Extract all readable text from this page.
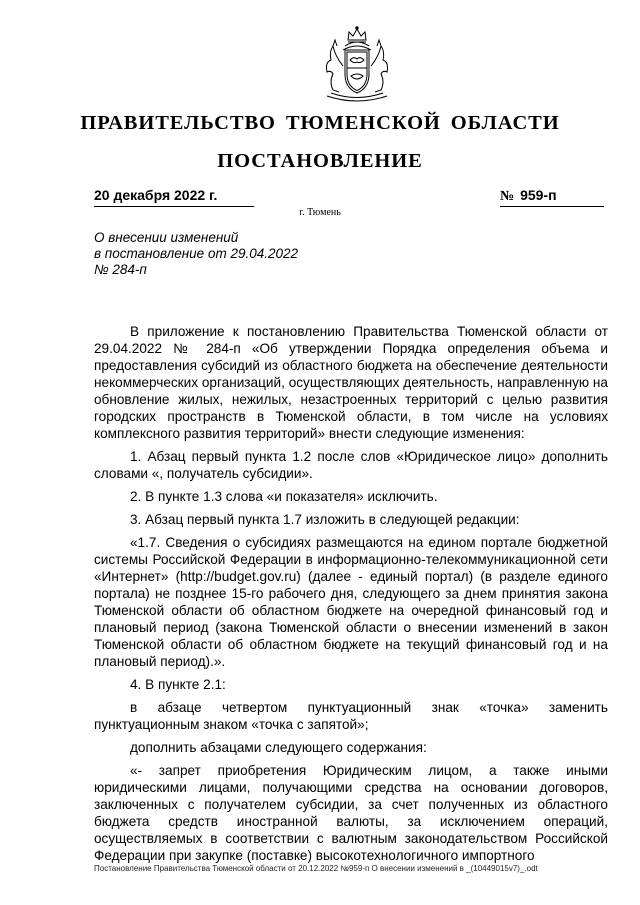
ПРАВИТЕЛЬСТВО ТЮМЕНСКОЙ ОБЛАСТИ
ПОСТАНОВЛЕНИЕ
20 декабря 2022 г.	№ 959-п
г. Тюмень
О внесении изменений
в постановление от 29.04.2022
№ 284-п

В приложение к постановлению Правительства Тюменской области от 29.04.2022 № 284-п «Об утверждении Порядка определения объема и предоставления субсидий из областного бюджета на обеспечение деятельности некоммерческих организаций, осуществляющих деятельность, направленную на обновление жилых, нежилых, незастроенных территорий с целью развития городских пространств в Тюменской области, в том числе на условиях комплексного развития территорий» внести следующие изменения:

1. Абзац первый пункта 1.2 после слов «Юридическое лицо» дополнить словами «, получатель субсидии».

2. В пункте 1.3 слова «и показателя» исключить.

3. Абзац первый пункта 1.7 изложить в следующей редакции:

«1.7. Сведения о субсидиях размещаются на едином портале бюджетной системы Российской Федерации в информационно-телекоммуникационной сети «Интернет» (http://budget.gov.ru) (далее - единый портал) (в разделе единого портала) не позднее 15-го рабочего дня, следующего за днем принятия закона Тюменской области об областном бюджете на очередной финансовый год и плановый период (закона Тюменской области о внесении изменений в закон Тюменской области об областном бюджете на текущий финансовый год и на плановый период).».

4. В пункте 2.1:

в абзаце четвертом пунктуационный знак «точка» заменить пунктуационным знаком «точка с запятой»;

дополнить абзацами следующего содержания:

«- запрет приобретения Юридическим лицом, а также иными юридическими лицами, получающими средства на основании договоров, заключенных с получателем субсидии, за счет полученных из областного бюджета средств иностранной валюты, за исключением операций, осуществляемых в соответствии с валютным законодательством Российской Федерации при закупке (поставке) высокотехнологичного импортного

Постановление Правительства Тюменской области от 20.12.2022 №959-п О внесении изменений в _(10449015v7)_.odt
